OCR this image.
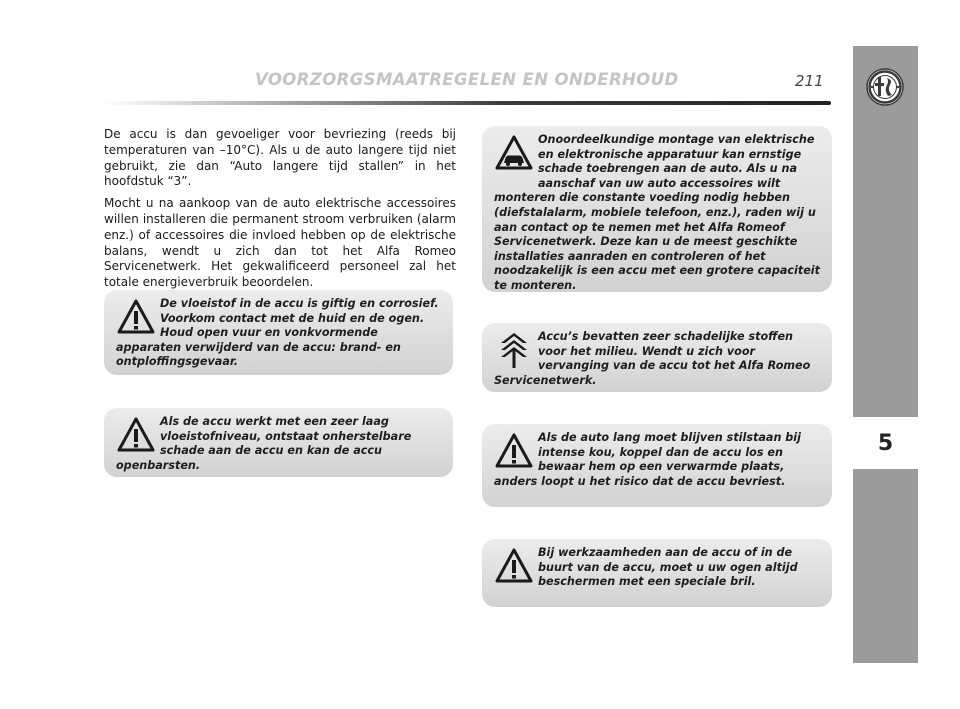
VOORZORGSMAATREGELEN EN ONDERHOUD	211
5

De accu is dan gevoeliger voor bevriezing (reeds bij temperaturen van –10°C). Als u de auto langere tijd niet gebruikt, zie dan “Auto langere tijd stallen” in het hoofdstuk “3”.

Mocht u na aankoop van de auto elektrische accessoires willen installeren die permanent stroom verbruiken (alarm enz.) of accessoires die invloed hebben op de elektrische balans, wendt u zich dan tot het Alfa Romeo Servicenetwerk. Het gekwalificeerd personeel zal het totale energieverbruik beoordelen.

De vloeistof in de accu is giftig en corrosief. Voorkom contact met de huid en de ogen. Houd open vuur en vonkvormende apparaten verwijderd van de accu: brand- en ontploffingsgevaar.
Als de accu werkt met een zeer laag vloeistofniveau, ontstaat onherstelbare schade aan de accu en kan de accu openbarsten.
Onoordeelkundige montage van elektrische en elektronische apparatuur kan ernstige schade toebrengen aan de auto. Als u na aanschaf van uw auto accessoires wilt monteren die constante voeding nodig hebben (diefstalalarm, mobiele telefoon, enz.), raden wij u aan contact op te nemen met het Alfa Romeof Servicenetwerk. Deze kan u de meest geschikte installaties aanraden en controleren of het noodzakelijk is een accu met een grotere capaciteit te monteren.
Accu’s bevatten zeer schadelijke stoffen voor het milieu. Wendt u zich voor vervanging van de accu tot het Alfa Romeo Servicenetwerk.
Als de auto lang moet blijven stilstaan bij intense kou, koppel dan de accu los en bewaar hem op een verwarmde plaats, anders loopt u het risico dat de accu bevriest.
Bij werkzaamheden aan de accu of in de buurt van de accu, moet u uw ogen altijd beschermen met een speciale bril.
